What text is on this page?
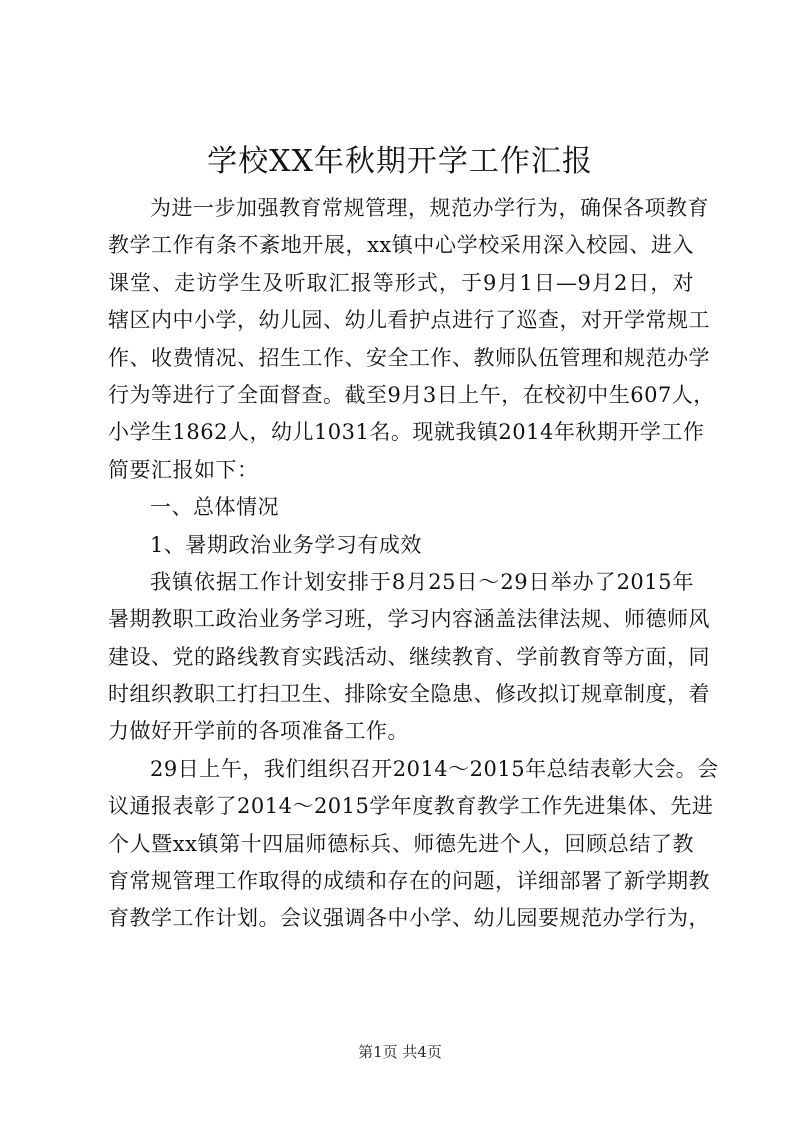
学校XX年秋期开学工作汇报
为进一步加强教育常规管理，规范办学行为，确保各项教育
教学工作有条不紊地开展，xx镇中心学校采用深入校园、进入
课堂、走访学生及听取汇报等形式，于9月1日—9月2日，对
辖区内中小学，幼儿园、幼儿看护点进行了巡查，对开学常规工
作、收费情况、招生工作、安全工作、教师队伍管理和规范办学
行为等进行了全面督查。截至9月3日上午，在校初中生607人，
小学生1862人，幼儿1031名。现就我镇2014年秋期开学工作
简要汇报如下：
一、总体情况
1、暑期政治业务学习有成效
我镇依据工作计划安排于8月25日～29日举办了2015年
暑期教职工政治业务学习班，学习内容涵盖法律法规、师德师风
建设、党的路线教育实践活动、继续教育、学前教育等方面，同
时组织教职工打扫卫生、排除安全隐患、修改拟订规章制度，着
力做好开学前的各项准备工作。
29日上午，我们组织召开2014～2015年总结表彰大会。会
议通报表彰了2014～2015学年度教育教学工作先进集体、先进
个人暨xx镇第十四届师德标兵、师德先进个人，回顾总结了教
育常规管理工作取得的成绩和存在的问题，详细部署了新学期教
育教学工作计划。会议强调各中小学、幼儿园要规范办学行为，
第1页 共4页
